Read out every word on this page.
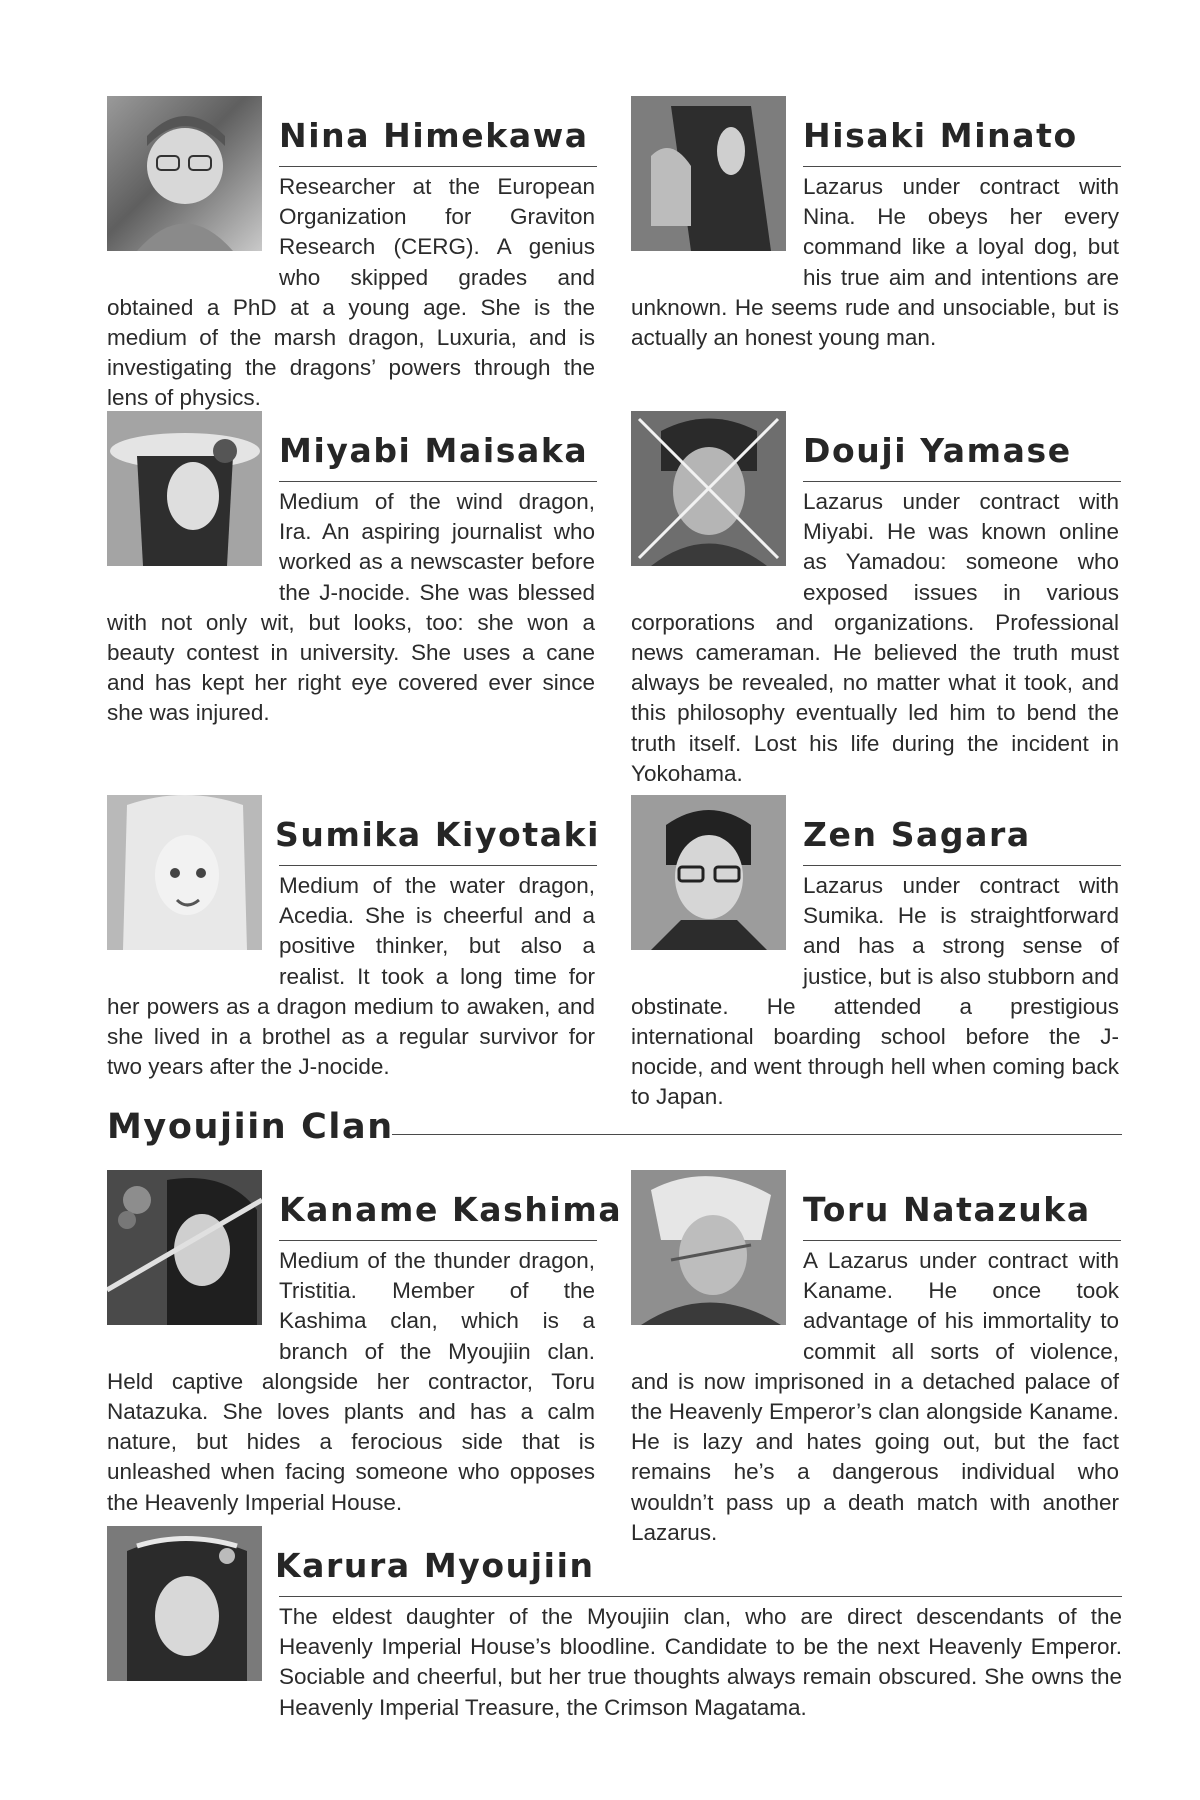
Nina Himekawa

Researcher at the European Organization for Graviton Research (CERG). A genius who skipped grades and obtained a PhD at a young age. She is the medium of the marsh dragon, Luxuria, and is investigating the dragons’ powers through the lens of physics.

Hisaki Minato

Lazarus under contract with Nina. He obeys her every command like a loyal dog, but his true aim and intentions are unknown. He seems rude and unsociable, but is actually an honest young man.

Miyabi Maisaka

Medium of the wind dragon, Ira. An aspiring journalist who worked as a newscaster before the J-nocide. She was blessed with not only wit, but looks, too: she won a beauty contest in university. She uses a cane and has kept her right eye covered ever since she was injured.

Douji Yamase

Lazarus under contract with Miyabi. He was known online as Yamadou: someone who exposed issues in various corporations and organizations. Professional news cameraman. He believed the truth must always be revealed, no matter what it took, and this philosophy eventually led him to bend the truth itself. Lost his life during the incident in Yokohama.

Sumika Kiyotaki

Medium of the water dragon, Acedia. She is cheerful and a positive thinker, but also a realist. It took a long time for her powers as a dragon medium to awaken, and she lived in a brothel as a regular survivor for two years after the J-nocide.

Zen Sagara

Lazarus under contract with Sumika. He is straightforward and has a strong sense of justice, but is also stubborn and obstinate. He attended a prestigious international boarding school before the J-nocide, and went through hell when coming back to Japan.

Myoujiin Clan
Kaname Kashima

Medium of the thunder dragon, Tristitia. Member of the Kashima clan, which is a branch of the Myoujiin clan. Held captive alongside her contractor, Toru Natazuka. She loves plants and has a calm nature, but hides a ferocious side that is unleashed when facing someone who opposes the Heavenly Imperial House.

Toru Natazuka

A Lazarus under contract with Kaname. He once took advantage of his immortality to commit all sorts of violence, and is now imprisoned in a detached palace of the Heavenly Emperor’s clan alongside Kaname. He is lazy and hates going out, but the fact remains he’s a dangerous individual who wouldn’t pass up a death match with another Lazarus.

Karura Myoujiin

The eldest daughter of the Myoujiin clan, who are direct descendants of the Heavenly Imperial House’s bloodline. Candidate to be the next Heavenly Emperor. Sociable and cheerful, but her true thoughts always remain obscured. She owns the Heavenly Imperial Treasure, the Crimson Magatama.
